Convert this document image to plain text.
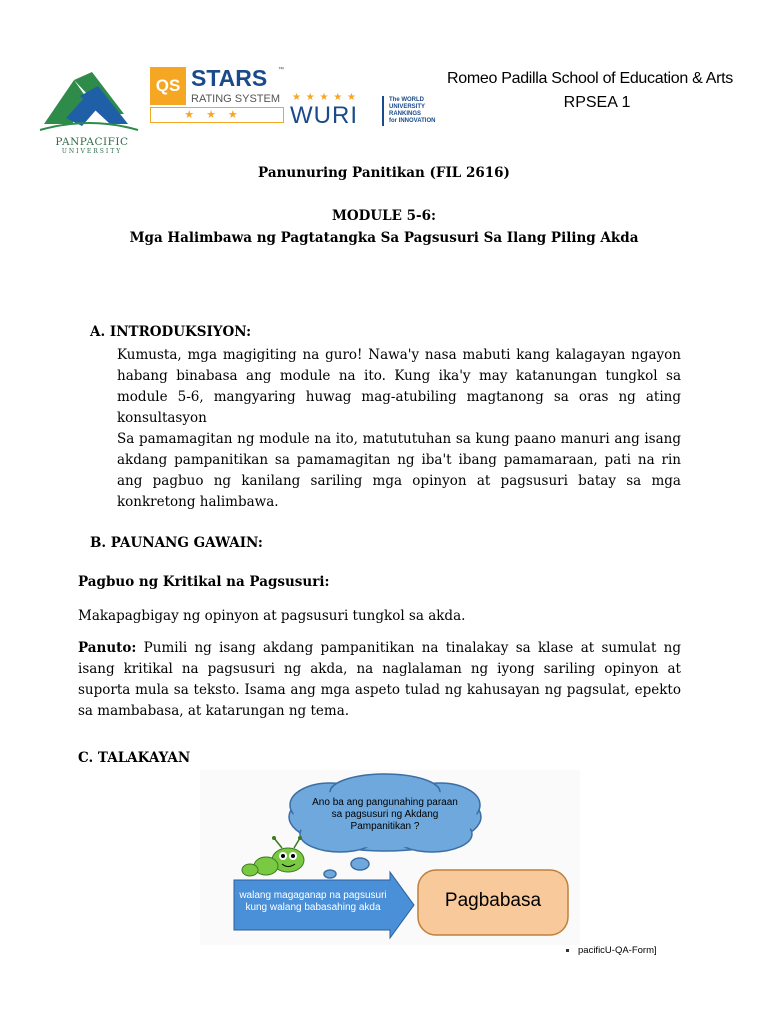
PANPACIFIC
UNIVERSITY
QS STARS ™
RATING SYSTEM
★★★
★ ★ ★ ★ ★
WURI
The WORLD
UNIVERSITY
RANKINGS
for INNOVATION
Romeo Padilla School of Education & Arts
RPSEA 1
Panunuring Panitikan (FIL 2616)
MODULE 5-6:
Mga Halimbawa ng Pagtatangka Sa Pagsusuri Sa Ilang Piling Akda
A. INTRODUKSIYON:

Kumusta, mga magigiting na guro! Nawa'y nasa mabuti kang kalagayan ngayon habang binabasa ang module na ito. Kung ika'y may katanungan tungkol sa module 5-6, mangyaring huwag mag-atubiling magtanong sa oras ng ating konsultasyon

Sa pamamagitan ng module na ito, matututuhan sa kung paano manuri ang isang akdang pampanitikan sa pamamagitan ng iba't ibang pamamaraan, pati na rin ang pagbuo ng kanilang sariling mga opinyon at pagsusuri batay sa mga konkretong halimbawa.

B. PAUNANG GAWAIN:
Pagbuo ng Kritikal na Pagsusuri:
Makapagbigay ng opinyon at pagsusuri tungkol sa akda.

Panuto: Pumili ng isang akdang pampanitikan na tinalakay sa klase at sumulat ng isang kritikal na pagsusuri ng akda, na naglalaman ng iyong sariling opinyon at suporta mula sa teksto. Isama ang mga aspeto tulad ng kahusayan ng pagsulat, epekto sa mambabasa, at katarungan ng tema.

C. TALAKAYAN
Ano ba ang pangunahing paraan sa pagsusuri ng Akdang Pampanitikan ?
walang magaganap na pagsusuri kung walang babasahing akda	Pagbabasa
pacificU-QA-Form]
